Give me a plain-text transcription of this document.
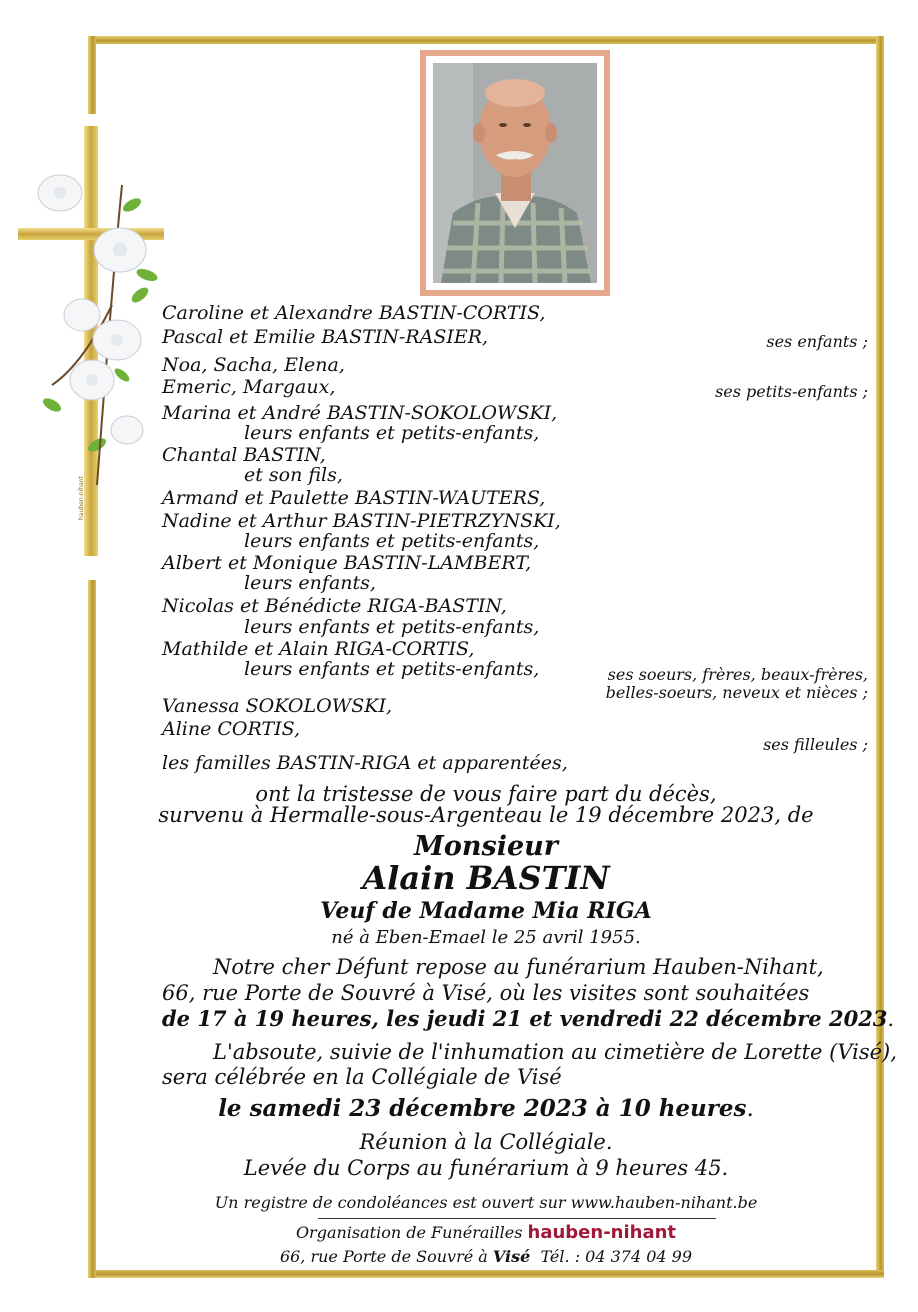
hauben-nihant
Caroline et Alexandre BASTIN-CORTIS,
Pascal et Emilie BASTIN-RASIER,
Noa, Sacha, Elena,
Emeric, Margaux,
Marina et André BASTIN-SOKOLOWSKI,
leurs enfants et petits-enfants,
Chantal BASTIN,
et son fils,
Armand et Paulette BASTIN-WAUTERS,
Nadine et Arthur BASTIN-PIETRZYNSKI,
leurs enfants et petits-enfants,
Albert et Monique BASTIN-LAMBERT,
leurs enfants,
Nicolas et Bénédicte RIGA-BASTIN,
leurs enfants et petits-enfants,
Mathilde et Alain RIGA-CORTIS,
leurs enfants et petits-enfants,
Vanessa SOKOLOWSKI,
Aline CORTIS,
les familles BASTIN-RIGA et apparentées,
ses enfants ;
ses petits-enfants ;
ses soeurs, frères, beaux-frères,
belles-soeurs, neveux et nièces ;
ses filleules ;
ont la tristesse de vous faire part du décès,
survenu à Hermalle-sous-Argenteau le 19 décembre 2023, de
Monsieur
Alain BASTIN
Veuf de Madame Mia RIGA
né à Eben-Emael le 25 avril 1955.
Notre cher Défunt repose au funérarium Hauben-Nihant,
66, rue Porte de Souvré à Visé, où les visites sont souhaitées
de 17 à 19 heures, les jeudi 21 et vendredi 22 décembre 2023.
L'absoute, suivie de l'inhumation au cimetière de Lorette (Visé),
sera célébrée en la Collégiale de Visé
le samedi 23 décembre 2023 à 10 heures.
Réunion à la Collégiale.
Levée du Corps au funérarium à 9 heures 45.
Un registre de condoléances est ouvert sur www.hauben-nihant.be
Organisation de Funérailles hauben-nihant
66, rue Porte de Souvré à Visé Tél. : 04 374 04 99
